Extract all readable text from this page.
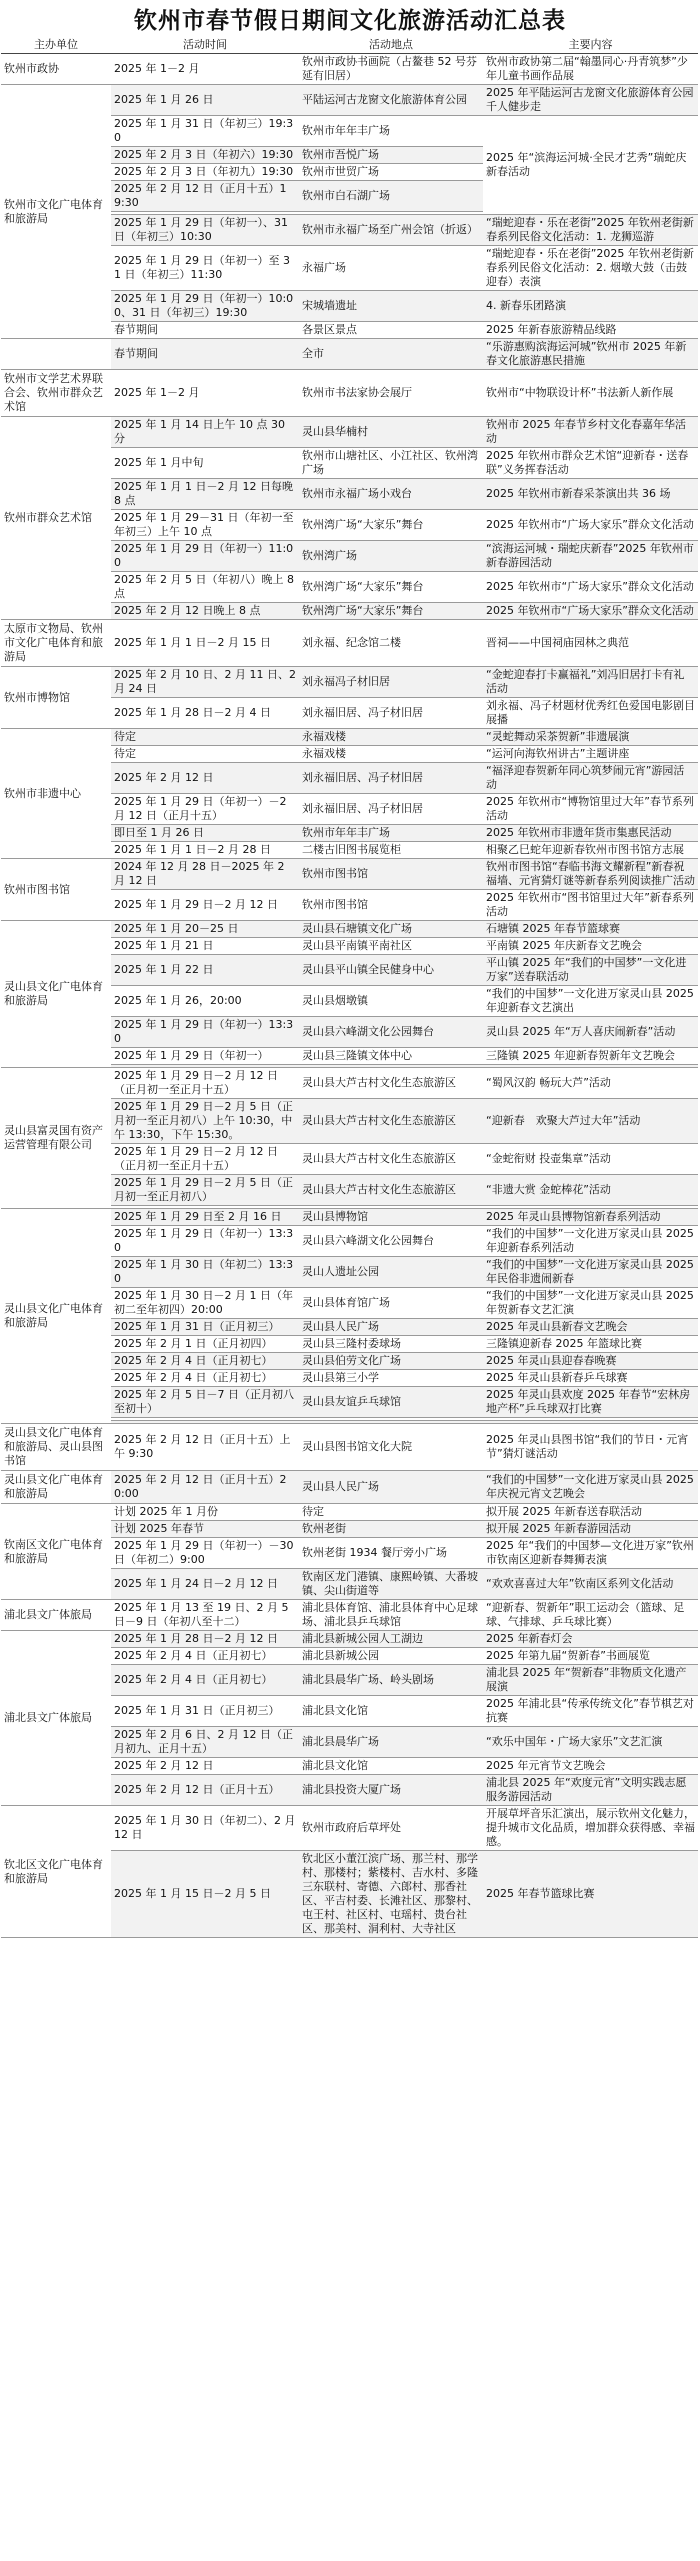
钦州市春节假日期间文化旅游活动汇总表
主办单位	活动时间	活动地点	主要内容
钦州市政协	2025 年 1－2 月	钦州市政协书画院（占鳌巷 52 号芬延有旧居）	钦州市政协第二届“翰墨同心·丹青筑梦”少年儿童书画作品展
钦州市文化广电体育和旅游局	2025 年 1 月 26 日	平陆运河古龙窗文化旅游体育公园	2025 年平陆运河古龙窗文化旅游体育公园千人健步走
	2025 年 1 月 31 日（年初三）19:30	钦州市年年丰广场	2025 年“滨海运河城·全民才艺秀”瑞蛇庆新春活动
	2025 年 2 月 3 日（年初六）19:30	钦州市吾悦广场	
	2025 年 2 月 3 日（年初九）19:30	钦州市世贸广场	
	2025 年 2 月 12 日（正月十五）19:30	钦州市白石湖广场	

	2025 年 1 月 29 日（年初一）、31 日（年初三）10:30	钦州市永福广场至广州会馆（折返）	“瑞蛇迎春・乐在老街”2025 年钦州老街新春系列民俗文化活动：1. 龙狮巡游
	2025 年 1 月 29 日（年初一）至 31 日（年初三）11:30	永福广场	“瑞蛇迎春・乐在老街”2025 年钦州老街新春系列民俗文化活动：2. 烟墩大鼓（击鼓迎春）表演
	2025 年 1 月 29 日（年初一）10:00、31 日（年初三）19:30	宋城墙遗址	4. 新春乐团路演
	春节期间	各景区景点	2025 年新春旅游精品线路
	春节期间	全市	“乐游惠购滨海运河城”钦州市 2025 年新春文化旅游惠民措施
钦州市文学艺术界联合会、钦州市群众艺术馆	2025 年 1－2 月	钦州市书法家协会展厅	钦州市“中物联设计杯”书法新人新作展
钦州市群众艺术馆	2025 年 1 月 14 日上午 10 点 30 分	灵山县华楠村	钦州市 2025 年春节乡村文化春嘉年华活动
	2025 年 1 月中旬	钦州市山塘社区、小江社区、钦州湾广场	2025 年钦州市群众艺术馆“迎新春・送春联”义务挥春活动
	2025 年 1 月 1 日－2 月 12 日每晚 8 点	钦州市永福广场小戏台	2025 年钦州市新春采茶演出共 36 场
	2025 年 1 月 29－31 日（年初一至年初三）上午 10 点	钦州湾广场“大家乐”舞台	2025 年钦州市“广场大家乐”群众文化活动
	2025 年 1 月 29 日（年初一）11:00	钦州湾广场	“滨海运河城・瑞蛇庆新春”2025 年钦州市新春游园活动
	2025 年 2 月 5 日（年初八）晚上 8 点	钦州湾广场“大家乐”舞台	2025 年钦州市“广场大家乐”群众文化活动
	2025 年 2 月 12 日晚上 8 点	钦州湾广场“大家乐”舞台	2025 年钦州市“广场大家乐”群众文化活动
太原市文物局、钦州市文化广电体育和旅游局	2025 年 1 月 1 日－2 月 15 日	刘永福、纪念馆二楼	晋祠——中国祠庙园林之典范
钦州市博物馆	2025 年 2 月 10 日、2 月 11 日、2 月 24 日	刘永福冯子材旧居	“金蛇迎春打卡赢福礼”刘冯旧居打卡有礼活动
	2025 年 1 月 28 日－2 月 4 日	刘永福旧居、冯子材旧居	刘永福、冯子材题材优秀红色爱国电影剧目展播
钦州市非遗中心	待定	永福戏楼	“灵蛇舞动采茶贺新”非遗展演
	待定	永福戏楼	“运河向海钦州讲古”主题讲座
	2025 年 2 月 12 日	刘永福旧居、冯子材旧居	“福泽迎春贺新年同心筑梦闹元宵”游园活动
	2025 年 1 月 29 日（年初一）－2 月 12 日（正月十五）	刘永福旧居、冯子材旧居	2025 年钦州市“博物馆里过大年”春节系列活动
	即日至 1 月 26 日	钦州市年年丰广场	2025 年钦州市非遗年货市集惠民活动
	2025 年 1 月 1 日－2 月 28 日	二楼古旧图书展览柜	相聚乙巳蛇年迎新春钦州市图书馆方志展
钦州市图书馆	2024 年 12 月 28 日－2025 年 2 月 12 日	钦州市图书馆	钦州市图书馆“春临书海文耀新程”新春祝福墙、元宵猜灯谜等新春系列阅读推广活动
	2025 年 1 月 29 日－2 月 12 日	钦州市图书馆	2025 年钦州市“图书馆里过大年”新春系列活动
灵山县文化广电体育和旅游局	2025 年 1 月 20－25 日	灵山县石塘镇文化广场	石塘镇 2025 年春节篮球赛
	2025 年 1 月 21 日	灵山县平南镇平南社区	平南镇 2025 年庆新春文艺晚会
	2025 年 1 月 22 日	灵山县平山镇全民健身中心	平山镇 2025 年“我们的中国梦”一文化进万家”送春联活动
	2025 年 1 月 26，20:00	灵山县烟墩镇	“我们的中国梦”一文化进万家灵山县 2025 年迎新春文艺演出
	2025 年 1 月 29 日（年初一）13:30	灵山县六峰湖文化公园舞台	灵山县 2025 年“万人喜庆闹新春”活动
	2025 年 1 月 29 日（年初一）	灵山县三隆镇文体中心	三隆镇 2025 年迎新春贺新年文艺晚会

灵山县富灵国有资产运营管理有限公司	2025 年 1 月 29 日－2 月 12 日（正月初一至正月十五）	灵山县大芦古村文化生态旅游区	“蜀风汉韵 畅玩大芦”活动
	2025 年 1 月 29 日－2 月 5 日（正月初一至正月初八）上午 10:30，中午 13:30，下午 15:30。	灵山县大芦古村文化生态旅游区	“迎新春　欢聚大芦过大年”活动
	2025 年 1 月 29 日－2 月 12 日（正月初一至正月十五）	灵山县大芦古村文化生态旅游区	“金蛇衔财 投壶集章”活动
	2025 年 1 月 29 日－2 月 5 日（正月初一至正月初八）	灵山县大芦古村文化生态旅游区	“非遗大赏 金蛇棒花”活动

灵山县文化广电体育和旅游局	2025 年 1 月 29 日至 2 月 16 日	灵山县博物馆	2025 年灵山县博物馆新春系列活动
	2025 年 1 月 29 日（年初一）13:30	灵山县六峰湖文化公园舞台	“我们的中国梦”一文化进万家灵山县 2025 年迎新春系列活动
	2025 年 1 月 30 日（年初二）13:30	灵山人遗址公园	“我们的中国梦”一文化进万家灵山县 2025 年民俗非遗闹新春
	2025 年 1 月 30 日－2 月 1 日（年初二至年初四）20:00	灵山县体育馆广场	“我们的中国梦”一文化进万家灵山县 2025 年贺新春文艺汇演
	2025 年 1 月 31 日（正月初三）	灵山县人民广场	2025 年灵山县新春文艺晚会
	2025 年 2 月 1 日（正月初四）	灵山县三隆村委球场	三隆镇迎新春 2025 年篮球比赛
	2025 年 2 月 4 日（正月初七）	灵山县伯劳文化广场	2025 年灵山县迎春春晚赛
	2025 年 2 月 4 日（正月初七）	灵山县第三小学	2025 年灵山县新春乒乓球赛
	2025 年 2 月 5 日－7 日（正月初八至初十）	灵山县友谊乒乓球馆	2025 年灵山县欢度 2025 年春节“宏林房地产杯”乒乓球双打比赛

灵山县文化广电体育和旅游局、灵山县图书馆	2025 年 2 月 12 日（正月十五）上午 9:30	灵山县图书馆文化大院	2025 年灵山县图书馆“我们的节日・元宵节”猜灯谜活动
灵山县文化广电体育和旅游局	2025 年 2 月 12 日（正月十五）20:00	灵山县人民广场	“我们的中国梦”一文化进万家灵山县 2025 年庆祝元宵文艺晚会
钦南区文化广电体育和旅游局	计划 2025 年 1 月份	待定	拟开展 2025 年新春送春联活动
	计划 2025 年春节	钦州老街	拟开展 2025 年新春游园活动
	2025 年 1 月 29 日（年初一）－30 日（年初二）9:00	钦州老街 1934 餐厅旁小广场	2025 年“我们的中国梦—文化进万家”钦州市钦南区迎新春舞狮表演
	2025 年 1 月 24 日－2 月 12 日	钦南区龙门港镇、康熙岭镇、大番坡镇、尖山街道等	“欢欢喜喜过大年”钦南区系列文化活动
浦北县文广体旅局	2025 年 1 月 13 至 19 日、2 月 5 日－9 日（年初八至十二）	浦北县体育馆、浦北县体育中心足球场、浦北县乒乓球馆	“迎新春、贺新年”职工运动会（篮球、足球、气排球、乒乓球比赛）
浦北县文广体旅局	2025 年 1 月 28 日－2 月 12 日	浦北县新城公园人工湖边	2025 年新春灯会
	2025 年 2 月 4 日（正月初七）	浦北县新城公园	2025 年第九届“贺新春”书画展览
	2025 年 2 月 4 日（正月初七）	浦北县晨华广场、岭头剧场	浦北县 2025 年“贺新春”非物质文化遗产展演
	2025 年 1 月 31 日（正月初三）	浦北县文化馆	2025 年浦北县“传承传统文化”春节棋艺对抗赛
	2025 年 2 月 6 日、2 月 12 日（正月初九、正月十五）	浦北县晨华广场	“欢乐中国年・广场大家乐”文艺汇演
	2025 年 2 月 12 日	浦北县文化馆	2025 年元宵节文艺晚会
	2025 年 2 月 12 日（正月十五）	浦北县投资大厦广场	浦北县 2025 年“欢度元宵”文明实践志愿服务游园活动
钦北区文化广电体育和旅游局	2025 年 1 月 30 日（年初二）、2 月 12 日	钦州市政府后草坪处	开展草坪音乐汇演出，展示钦州文化魅力，提升城市文化品质，增加群众获得感、幸福感。
	2025 年 1 月 15 日－2 月 5 日	钦北区小董江滨广场、那兰村、那学村、那楼村；紫楼村、吉水村、多隆三东联村、寄德、六郎村、那香社区、平吉村委、长滩社区、那黎村、屯王村、社区村、屯瑶村、贵台社区、那美村、洞利村、大寺社区	2025 年春节篮球比赛
